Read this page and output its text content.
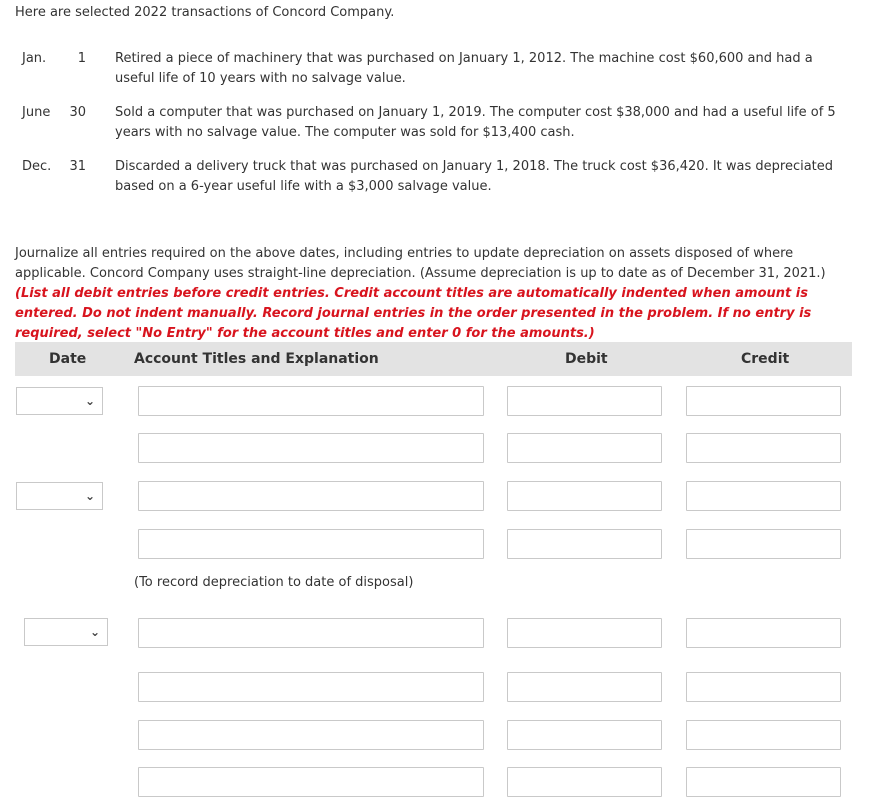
Here are selected 2022 transactions of Concord Company.
Jan.	1 Retired a piece of machinery that was purchased on January 1, 2012. The machine cost $60,600 and had a useful life of 10 years with no salvage value.
June	30 Sold a computer that was purchased on January 1, 2019. The computer cost $38,000 and had a useful life of 5 years with no salvage value. The computer was sold for $13,400 cash.
Dec.	31 Discarded a delivery truck that was purchased on January 1, 2018. The truck cost $36,420. It was depreciated based on a 6-year useful life with a $3,000 salvage value.
Journalize all entries required on the above dates, including entries to update depreciation on assets disposed of where applicable. Concord Company uses straight-line depreciation. (Assume depreciation is up to date as of December 31, 2021.) (List all debit entries before credit entries. Credit account titles are automatically indented when amount is entered. Do not indent manually. Record journal entries in the order presented in the problem. If no entry is required, select "No Entry" for the account titles and enter 0 for the amounts.)
Date	Account Titles and Explanation	Debit	Credit
⌄
⌄
(To record depreciation to date of disposal)
⌄
